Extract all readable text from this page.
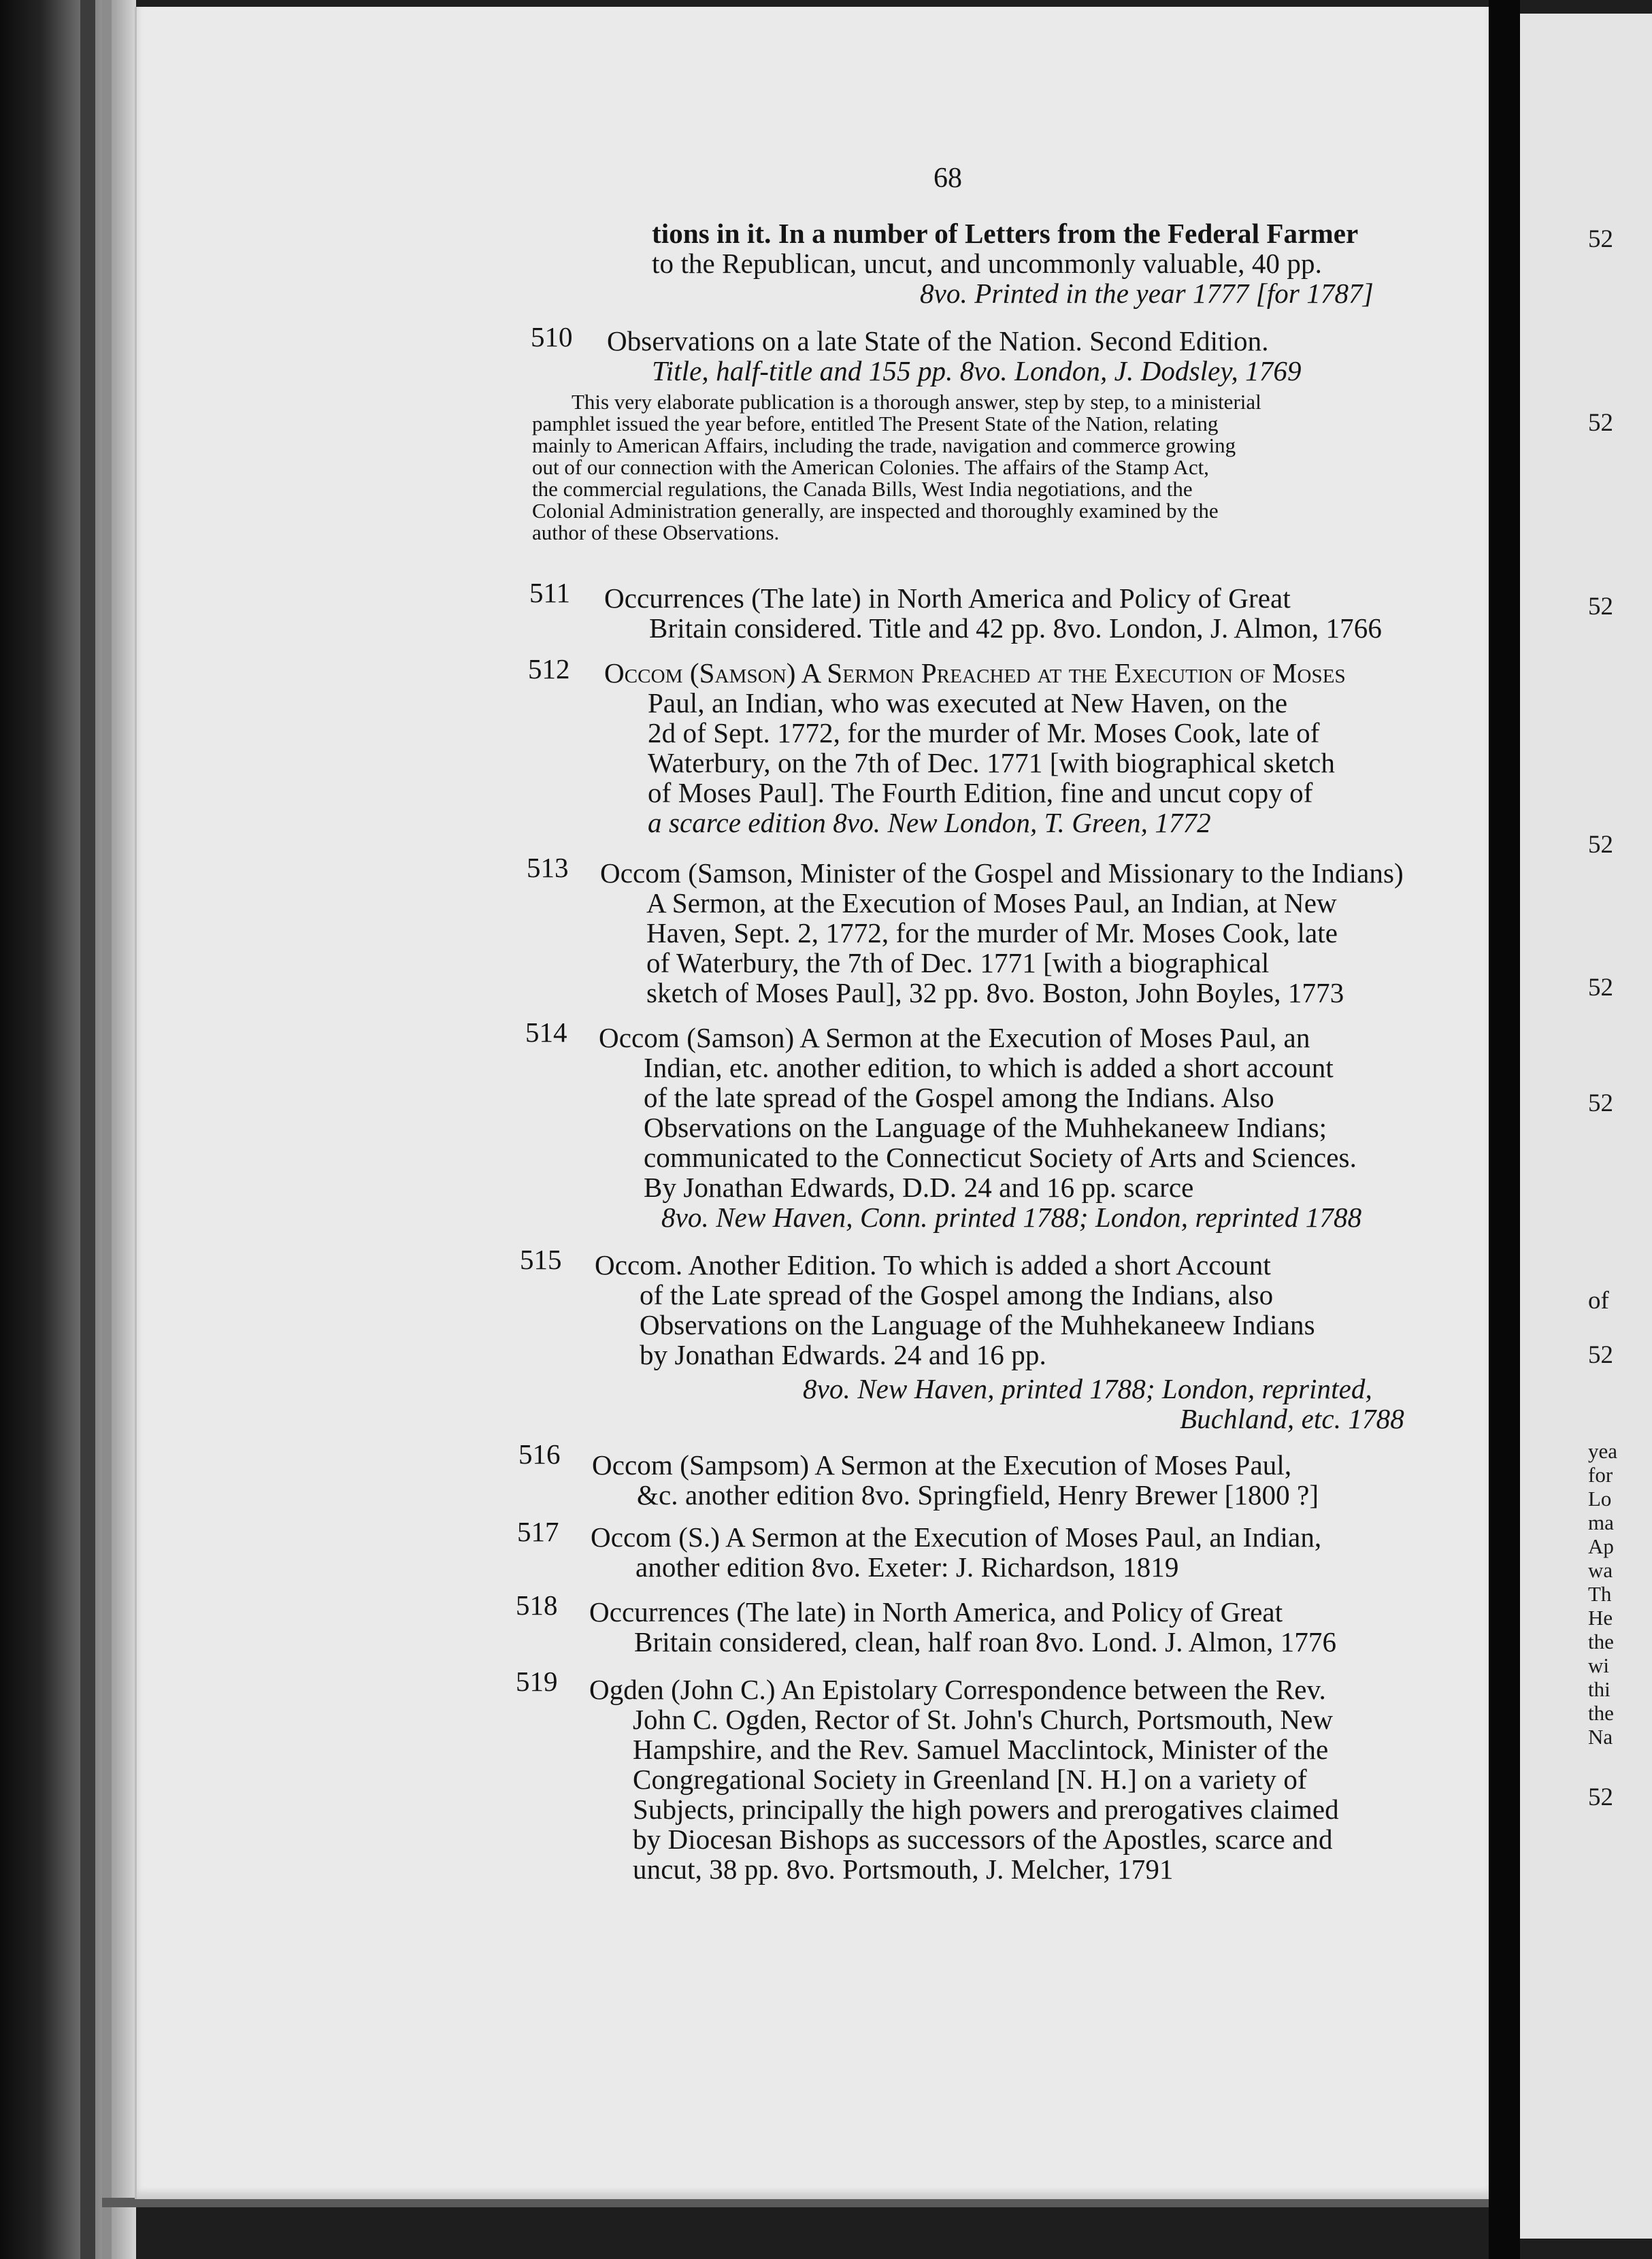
52
52
52
52
52
52
of
52
yea
for
Lo
ma
Ap
wa
Th
He
the
wi
thi
the
Na
52
68
tions in it. In a number of Letters from the Federal Farmer
to the Republican, uncut, and uncommonly valuable, 40 pp.
8vo. Printed in the year 1777 [for 1787]
510 Observations on a late State of the Nation. Second Edition.
Title, half-title and 155 pp. 8vo. London, J. Dodsley, 1769
This very elaborate publication is a thorough answer, step by step, to a ministerial
pamphlet issued the year before, entitled The Present State of the Nation, relating
mainly to American Affairs, including the trade, navigation and commerce growing
out of our connection with the American Colonies. The affairs of the Stamp Act,
the commercial regulations, the Canada Bills, West India negotiations, and the
Colonial Administration generally, are inspected and thoroughly examined by the
author of these Observations.
511 Occurrences (The late) in North America and Policy of Great
Britain considered. Title and 42 pp. 8vo. London, J. Almon, 1766
512 Occom (Samson) A Sermon Preached at the Execution of Moses
Paul, an Indian, who was executed at New Haven, on the
2d of Sept. 1772, for the murder of Mr. Moses Cook, late of
Waterbury, on the 7th of Dec. 1771 [with biographical sketch
of Moses Paul]. The Fourth Edition, fine and uncut copy of
a scarce edition 8vo. New London, T. Green, 1772
513 Occom (Samson, Minister of the Gospel and Missionary to the Indians)
A Sermon, at the Execution of Moses Paul, an Indian, at New
Haven, Sept. 2, 1772, for the murder of Mr. Moses Cook, late
of Waterbury, the 7th of Dec. 1771 [with a biographical
sketch of Moses Paul], 32 pp. 8vo. Boston, John Boyles, 1773
514 Occom (Samson) A Sermon at the Execution of Moses Paul, an
Indian, etc. another edition, to which is added a short account
of the late spread of the Gospel among the Indians. Also
Observations on the Language of the Muhhekaneew Indians;
communicated to the Connecticut Society of Arts and Sciences.
By Jonathan Edwards, D.D. 24 and 16 pp. scarce
8vo. New Haven, Conn. printed 1788; London, reprinted 1788
515 Occom. Another Edition. To which is added a short Account
of the Late spread of the Gospel among the Indians, also
Observations on the Language of the Muhhekaneew Indians
by Jonathan Edwards. 24 and 16 pp.
8vo. New Haven, printed 1788; London, reprinted,
Buchland, etc. 1788
516 Occom (Sampsom) A Sermon at the Execution of Moses Paul,
&c. another edition 8vo. Springfield, Henry Brewer [1800 ?]
517 Occom (S.) A Sermon at the Execution of Moses Paul, an Indian,
another edition 8vo. Exeter: J. Richardson, 1819
518 Occurrences (The late) in North America, and Policy of Great
Britain considered, clean, half roan 8vo. Lond. J. Almon, 1776
519 Ogden (John C.) An Epistolary Correspondence between the Rev.
John C. Ogden, Rector of St. John's Church, Portsmouth, New
Hampshire, and the Rev. Samuel Macclintock, Minister of the
Congregational Society in Greenland [N. H.] on a variety of
Subjects, principally the high powers and prerogatives claimed
by Diocesan Bishops as successors of the Apostles, scarce and
uncut, 38 pp. 8vo. Portsmouth, J. Melcher, 1791
